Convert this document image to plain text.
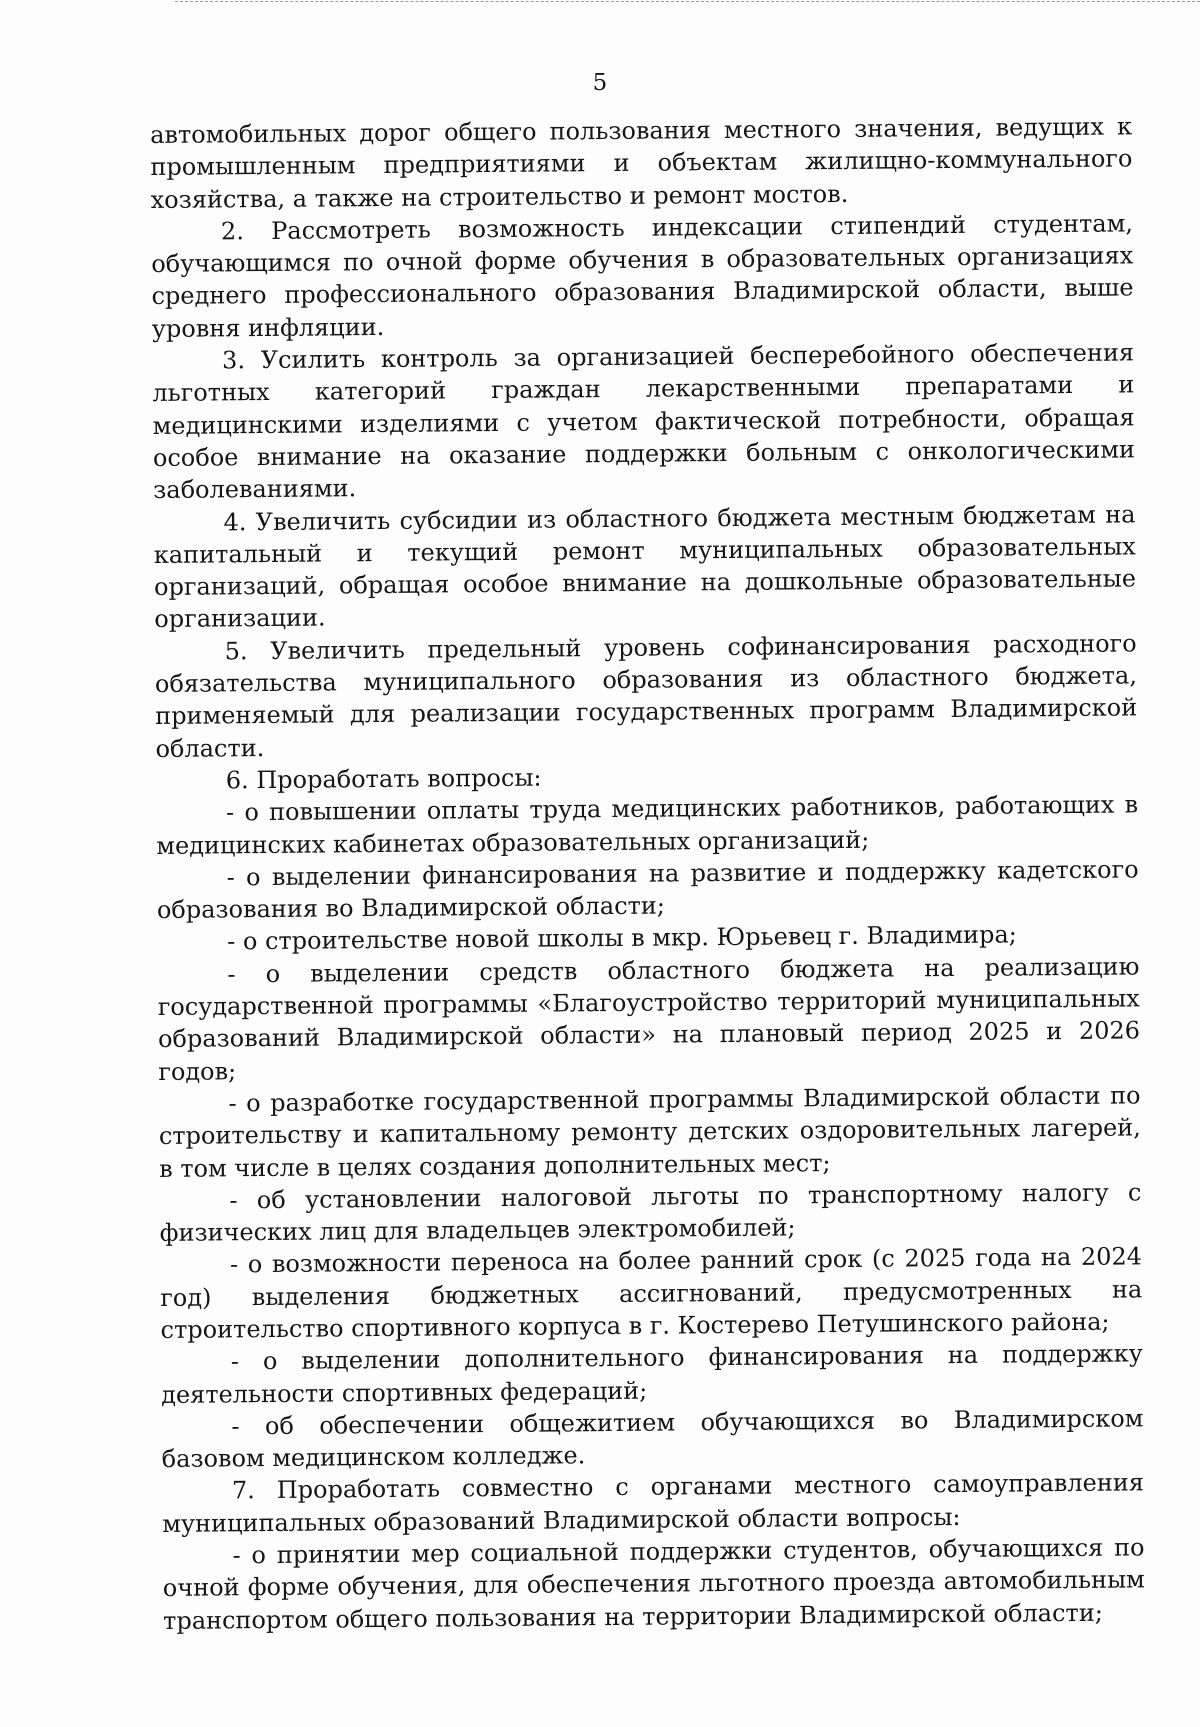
5

автомобильных дорог общего пользования местного значения, ведущих к промышленным предприятиями и объектам жилищно-коммунального хозяйства, а также на строительство и ремонт мостов.

2. Рассмотреть возможность индексации стипендий студентам, обучающимся по очной форме обучения в образовательных организациях среднего профессионального образования Владимирской области, выше уровня инфляции.

3. Усилить контроль за организацией бесперебойного обеспечения льготных категорий граждан лекарственными препаратами и медицинскими изделиями с учетом фактической потребности, обращая особое внимание на оказание поддержки больным с онкологическими заболеваниями.

4. Увеличить субсидии из областного бюджета местным бюджетам на капитальный и текущий ремонт муниципальных образовательных организаций, обращая особое внимание на дошкольные образовательные организации.

5. Увеличить предельный уровень софинансирования расходного обязательства муниципального образования из областного бюджета, применяемый для реализации государственных программ Владимирской области.

6. Проработать вопросы:

- о повышении оплаты труда медицинских работников, работающих в медицинских кабинетах образовательных организаций;

- о выделении финансирования на развитие и поддержку кадетского образования во Владимирской области;

- о строительстве новой школы в мкр. Юрьевец г. Владимира;

- о выделении средств областного бюджета на реализацию государственной программы «Благоустройство территорий муниципальных образований Владимирской области» на плановый период 2025 и 2026 годов;

- о разработке государственной программы Владимирской области по строительству и капитальному ремонту детских оздоровительных лагерей, в том числе в целях создания дополнительных мест;

- об установлении налоговой льготы по транспортному налогу с физических лиц для владельцев электромобилей;

- о возможности переноса на более ранний срок (с 2025 года на 2024 год) выделения бюджетных ассигнований, предусмотренных на строительство спортивного корпуса в г. Костерево Петушинского района;

- о выделении дополнительного финансирования на поддержку деятельности спортивных федераций;

- об обеспечении общежитием обучающихся во Владимирском базовом медицинском колледже.

7. Проработать совместно с органами местного самоуправления муниципальных образований Владимирской области вопросы:

- о принятии мер социальной поддержки студентов, обучающихся по очной форме обучения, для обеспечения льготного проезда автомобильным транспортом общего пользования на территории Владимирской области;
